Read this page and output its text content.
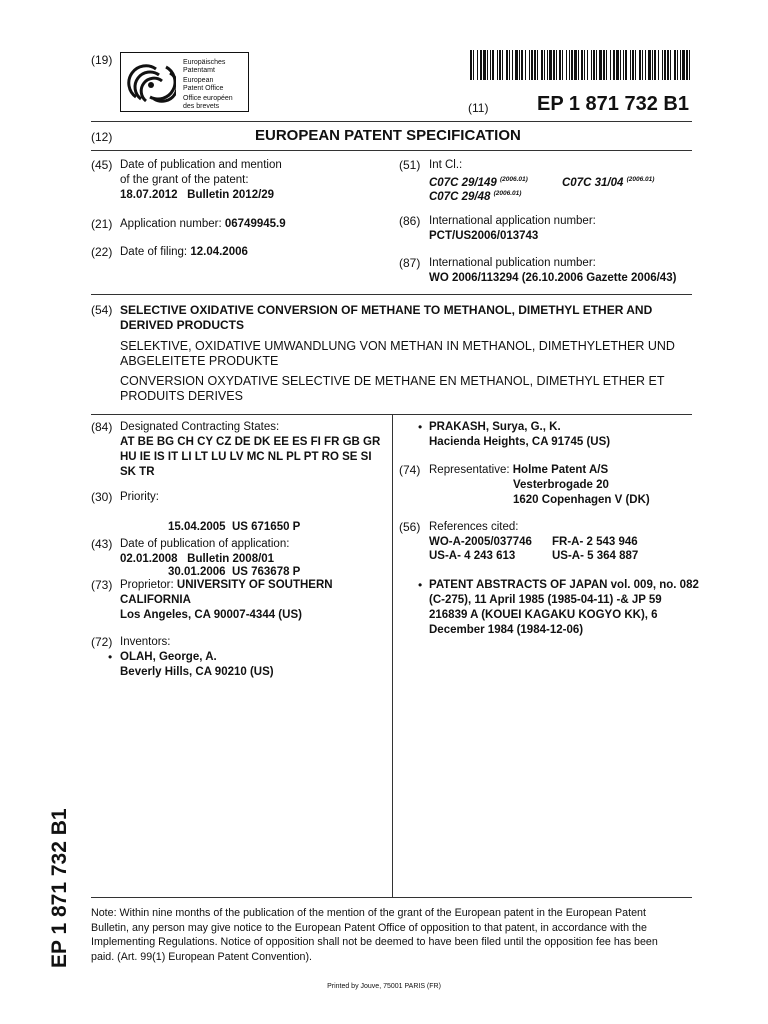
(19)	Europäisches
Patentamt
European
Patent Office
Office européen
des brevets	(11) EP 1 871 732 B1
(12)	EUROPEAN PATENT SPECIFICATION
(45) Date of publication and mention
of the grant of the patent:
18.07.2012   Bulletin 2012/29
(21) Application number: 06749945.9
(22) Date of filing: 12.04.2006
(51) Int Cl.:
C07C 29/149 $^{(2006.01)}$	C07C 31/04 $^{(2006.01)}$
C07C 29/48 $^{(2006.01)}$
(86) International application number:
PCT/US2006/013743
(87) International publication number:
WO 2006/113294 (26.10.2006 Gazette 2006/43)
(54) SELECTIVE OXIDATIVE CONVERSION OF METHANE TO METHANOL, DIMETHYL ETHER AND
DERIVED PRODUCTS
SELEKTIVE, OXIDATIVE UMWANDLUNG VON METHAN IN METHANOL, DIMETHYLETHER UND
ABGELEITETE PRODUKTE
CONVERSION OXYDATIVE SELECTIVE DE METHANE EN METHANOL, DIMETHYL ETHER ET
PRODUITS DERIVES
(84) Designated Contracting States:
AT BE BG CH CY CZ DE DK EE ES FI FR GB GR
HU IE IS IT LI LT LU LV MC NL PL PT RO SE SI
SK TR
(30) Priority:

15.04.2005  US 671650 P

30.01.2006  US 763678 P

(43) Date of publication of application:
02.01.2008   Bulletin 2008/01
(73) Proprietor: UNIVERSITY OF SOUTHERN
CALIFORNIA
Los Angeles, CA 90007-4344 (US)
(72) Inventors:
• OLAH, George, A.
Beverly Hills, CA 90210 (US)
• PRAKASH, Surya, G., K.
Hacienda Heights, CA 91745 (US)
(74) Representative: Holme Patent A/S
Vesterbrogade 20
1620 Copenhagen V (DK)
(56) References cited:
WO-A-2005/037746 FR-A- 2 543 946
US-A- 4 243 613	US-A- 5 364 887
• PATENT ABSTRACTS OF JAPAN vol. 009, no. 082
(C-275), 11 April 1985 (1985-04-11) -& JP 59
216839 A (KOUEI KAGAKU KOGYO KK), 6
December 1984 (1984-12-06)
EP 1 871 732 B1 Note: Within nine months of the publication of the mention of the grant of the European patent in the European Patent
Bulletin, any person may give notice to the European Patent Office of opposition to that patent, in accordance with the
Implementing Regulations. Notice of opposition shall not be deemed to have been filed until the opposition fee has been
paid. (Art. 99(1) European Patent Convention).
Printed by Jouve, 75001 PARIS (FR)
